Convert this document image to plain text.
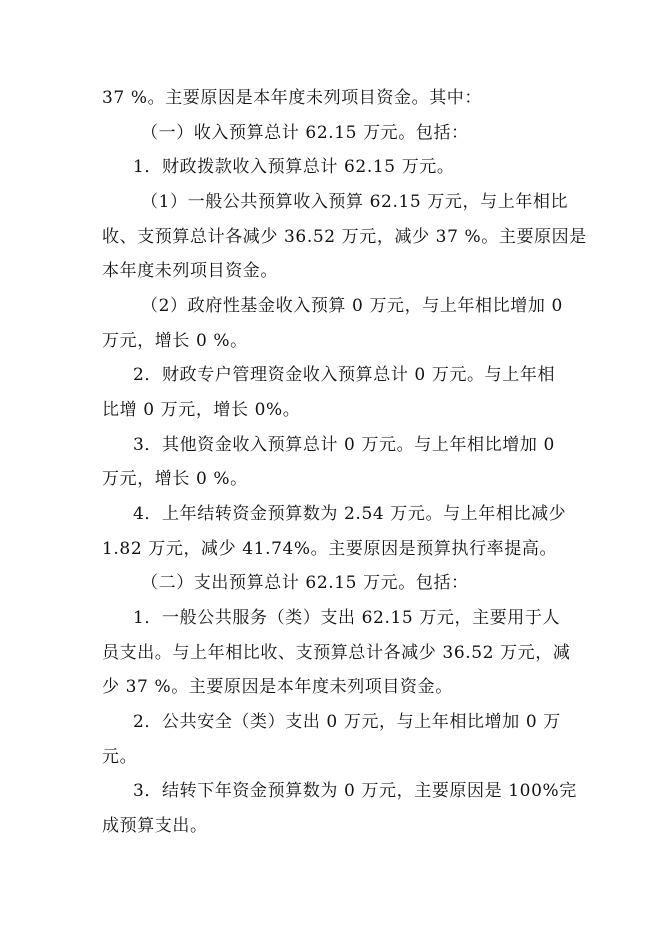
37 %。主要原因是本年度未列项目资金。其中：
（一）收入预算总计 62.15 万元。包括：
1．财政拨款收入预算总计 62.15 万元。
（1）一般公共预算收入预算 62.15 万元，与上年相比
收、支预算总计各减少 36.52 万元，减少 37 %。主要原因是
本年度未列项目资金。
（2）政府性基金收入预算 0 万元，与上年相比增加 0
万元，增长 0 %。
2．财政专户管理资金收入预算总计 0 万元。与上年相
比增 0 万元，增长 0%。
3．其他资金收入预算总计 0 万元。与上年相比增加 0
万元，增长 0 %。
4．上年结转资金预算数为 2.54 万元。与上年相比减少
1.82 万元，减少 41.74%。主要原因是预算执行率提高。
（二）支出预算总计 62.15 万元。包括：
1．一般公共服务（类）支出 62.15 万元，主要用于人
员支出。与上年相比收、支预算总计各减少 36.52 万元，减
少 37 %。主要原因是本年度未列项目资金。
2．公共安全（类）支出 0 万元，与上年相比增加 0 万
元。
3．结转下年资金预算数为 0 万元，主要原因是 100%完
成预算支出。
